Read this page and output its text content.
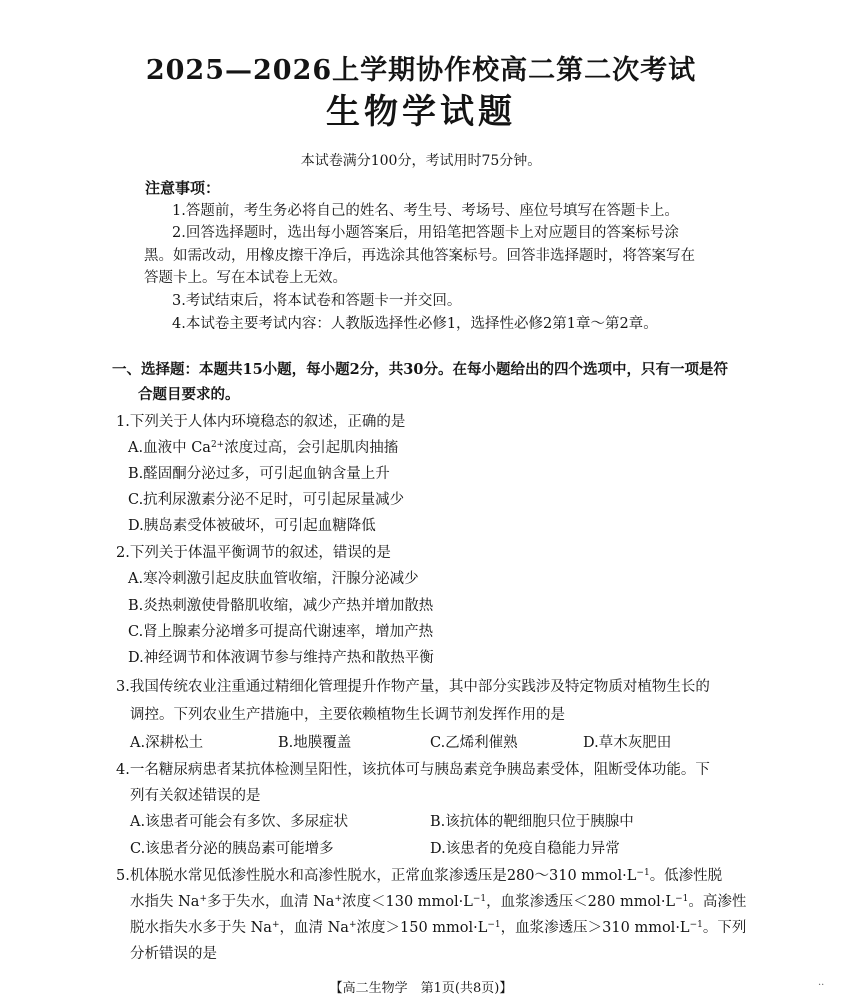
2025—2026上学期协作校高二第二次考试
生物学试题
本试卷满分100分，考试用时75分钟。
注意事项：
1.答题前，考生务必将自己的姓名、考生号、考场号、座位号填写在答题卡上。
2.回答选择题时，选出每小题答案后，用铅笔把答题卡上对应题目的答案标号涂
黑。如需改动，用橡皮擦干净后，再选涂其他答案标号。回答非选择题时，将答案写在
答题卡上。写在本试卷上无效。
3.考试结束后，将本试卷和答题卡一并交回。
4.本试卷主要考试内容：人教版选择性必修1，选择性必修2第1章～第2章。
一、选择题：本题共15小题，每小题2分，共30分。在每小题给出的四个选项中，只有一项是符
合题目要求的。
1.下列关于人体内环境稳态的叙述，正确的是
A.血液中 $Ca^{2+}$浓度过高，会引起肌肉抽搐
B.醛固酮分泌过多，可引起血钠含量上升
C.抗利尿激素分泌不足时，可引起尿量减少
D.胰岛素受体被破坏，可引起血糖降低
2.下列关于体温平衡调节的叙述，错误的是
A.寒冷刺激引起皮肤血管收缩，汗腺分泌减少
B.炎热刺激使骨骼肌收缩，减少产热并增加散热
C.肾上腺素分泌增多可提高代谢速率，增加产热
D.神经调节和体液调节参与维持产热和散热平衡
3.我国传统农业注重通过精细化管理提升作物产量，其中部分实践涉及特定物质对植物生长的
调控。下列农业生产措施中，主要依赖植物生长调节剂发挥作用的是
A.深耕松土	B.地膜覆盖	C.乙烯利催熟	D.草木灰肥田
4.一名糖尿病患者某抗体检测呈阳性，该抗体可与胰岛素竞争胰岛素受体，阻断受体功能。下
列有关叙述错误的是
A.该患者可能会有多饮、多尿症状	B.该抗体的靶细胞只位于胰腺中
C.该患者分泌的胰岛素可能增多	D.该患者的免疫自稳能力异常
5.机体脱水常见低渗性脱水和高渗性脱水，正常血浆渗透压是280～310 $mmol\cdot L^{-1}$。低渗性脱
水指失 Na+多于失水，血清 Na+浓度＜130 $mmol\cdot L^{-1}$，血浆渗透压＜280 $mmol\cdot L^{-1}$。高渗性
脱水指失水多于失 Na+，血清 Na+浓度＞150 $mmol\cdot L^{-1}$，血浆渗透压＞310 $mmol\cdot L^{-1}$。下列
分析错误的是
【高二生物学　第1页(共8页)】	··
